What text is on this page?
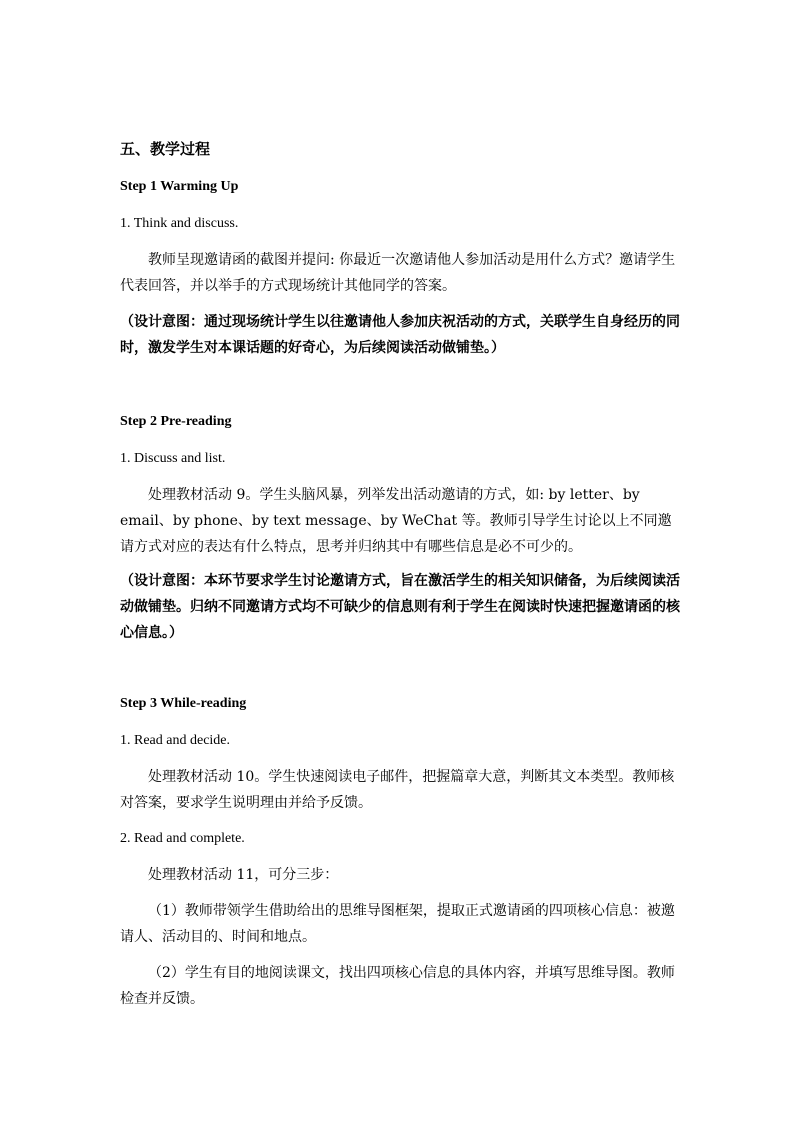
五、教学过程
Step 1 Warming Up
1. Think and discuss.
教师呈现邀请函的截图并提问: 你最近一次邀请他人参加活动是用什么方式？邀请学生代表回答，并以举手的方式现场统计其他同学的答案。
（设计意图：通过现场统计学生以往邀请他人参加庆祝活动的方式，关联学生自身经历的同时，激发学生对本课话题的好奇心，为后续阅读活动做铺垫。）
Step 2 Pre-reading
1. Discuss and list.
处理教材活动 9。学生头脑风暴，列举发出活动邀请的方式，如: by letter、by email、by phone、by text message、by WeChat 等。教师引导学生讨论以上不同邀请方式对应的表达有什么特点，思考并归纳其中有哪些信息是必不可少的。
（设计意图：本环节要求学生讨论邀请方式，旨在激活学生的相关知识储备，为后续阅读活动做铺垫。归纳不同邀请方式均不可缺少的信息则有利于学生在阅读时快速把握邀请函的核心信息。）
Step 3 While-reading
1. Read and decide.
处理教材活动 10。学生快速阅读电子邮件，把握篇章大意，判断其文本类型。教师核对答案，要求学生说明理由并给予反馈。
2. Read and complete.
处理教材活动 11，可分三步：
（1）教师带领学生借助给出的思维导图框架，提取正式邀请函的四项核心信息：被邀请人、活动目的、时间和地点。
（2）学生有目的地阅读课文，找出四项核心信息的具体内容，并填写思维导图。教师检查并反馈。
